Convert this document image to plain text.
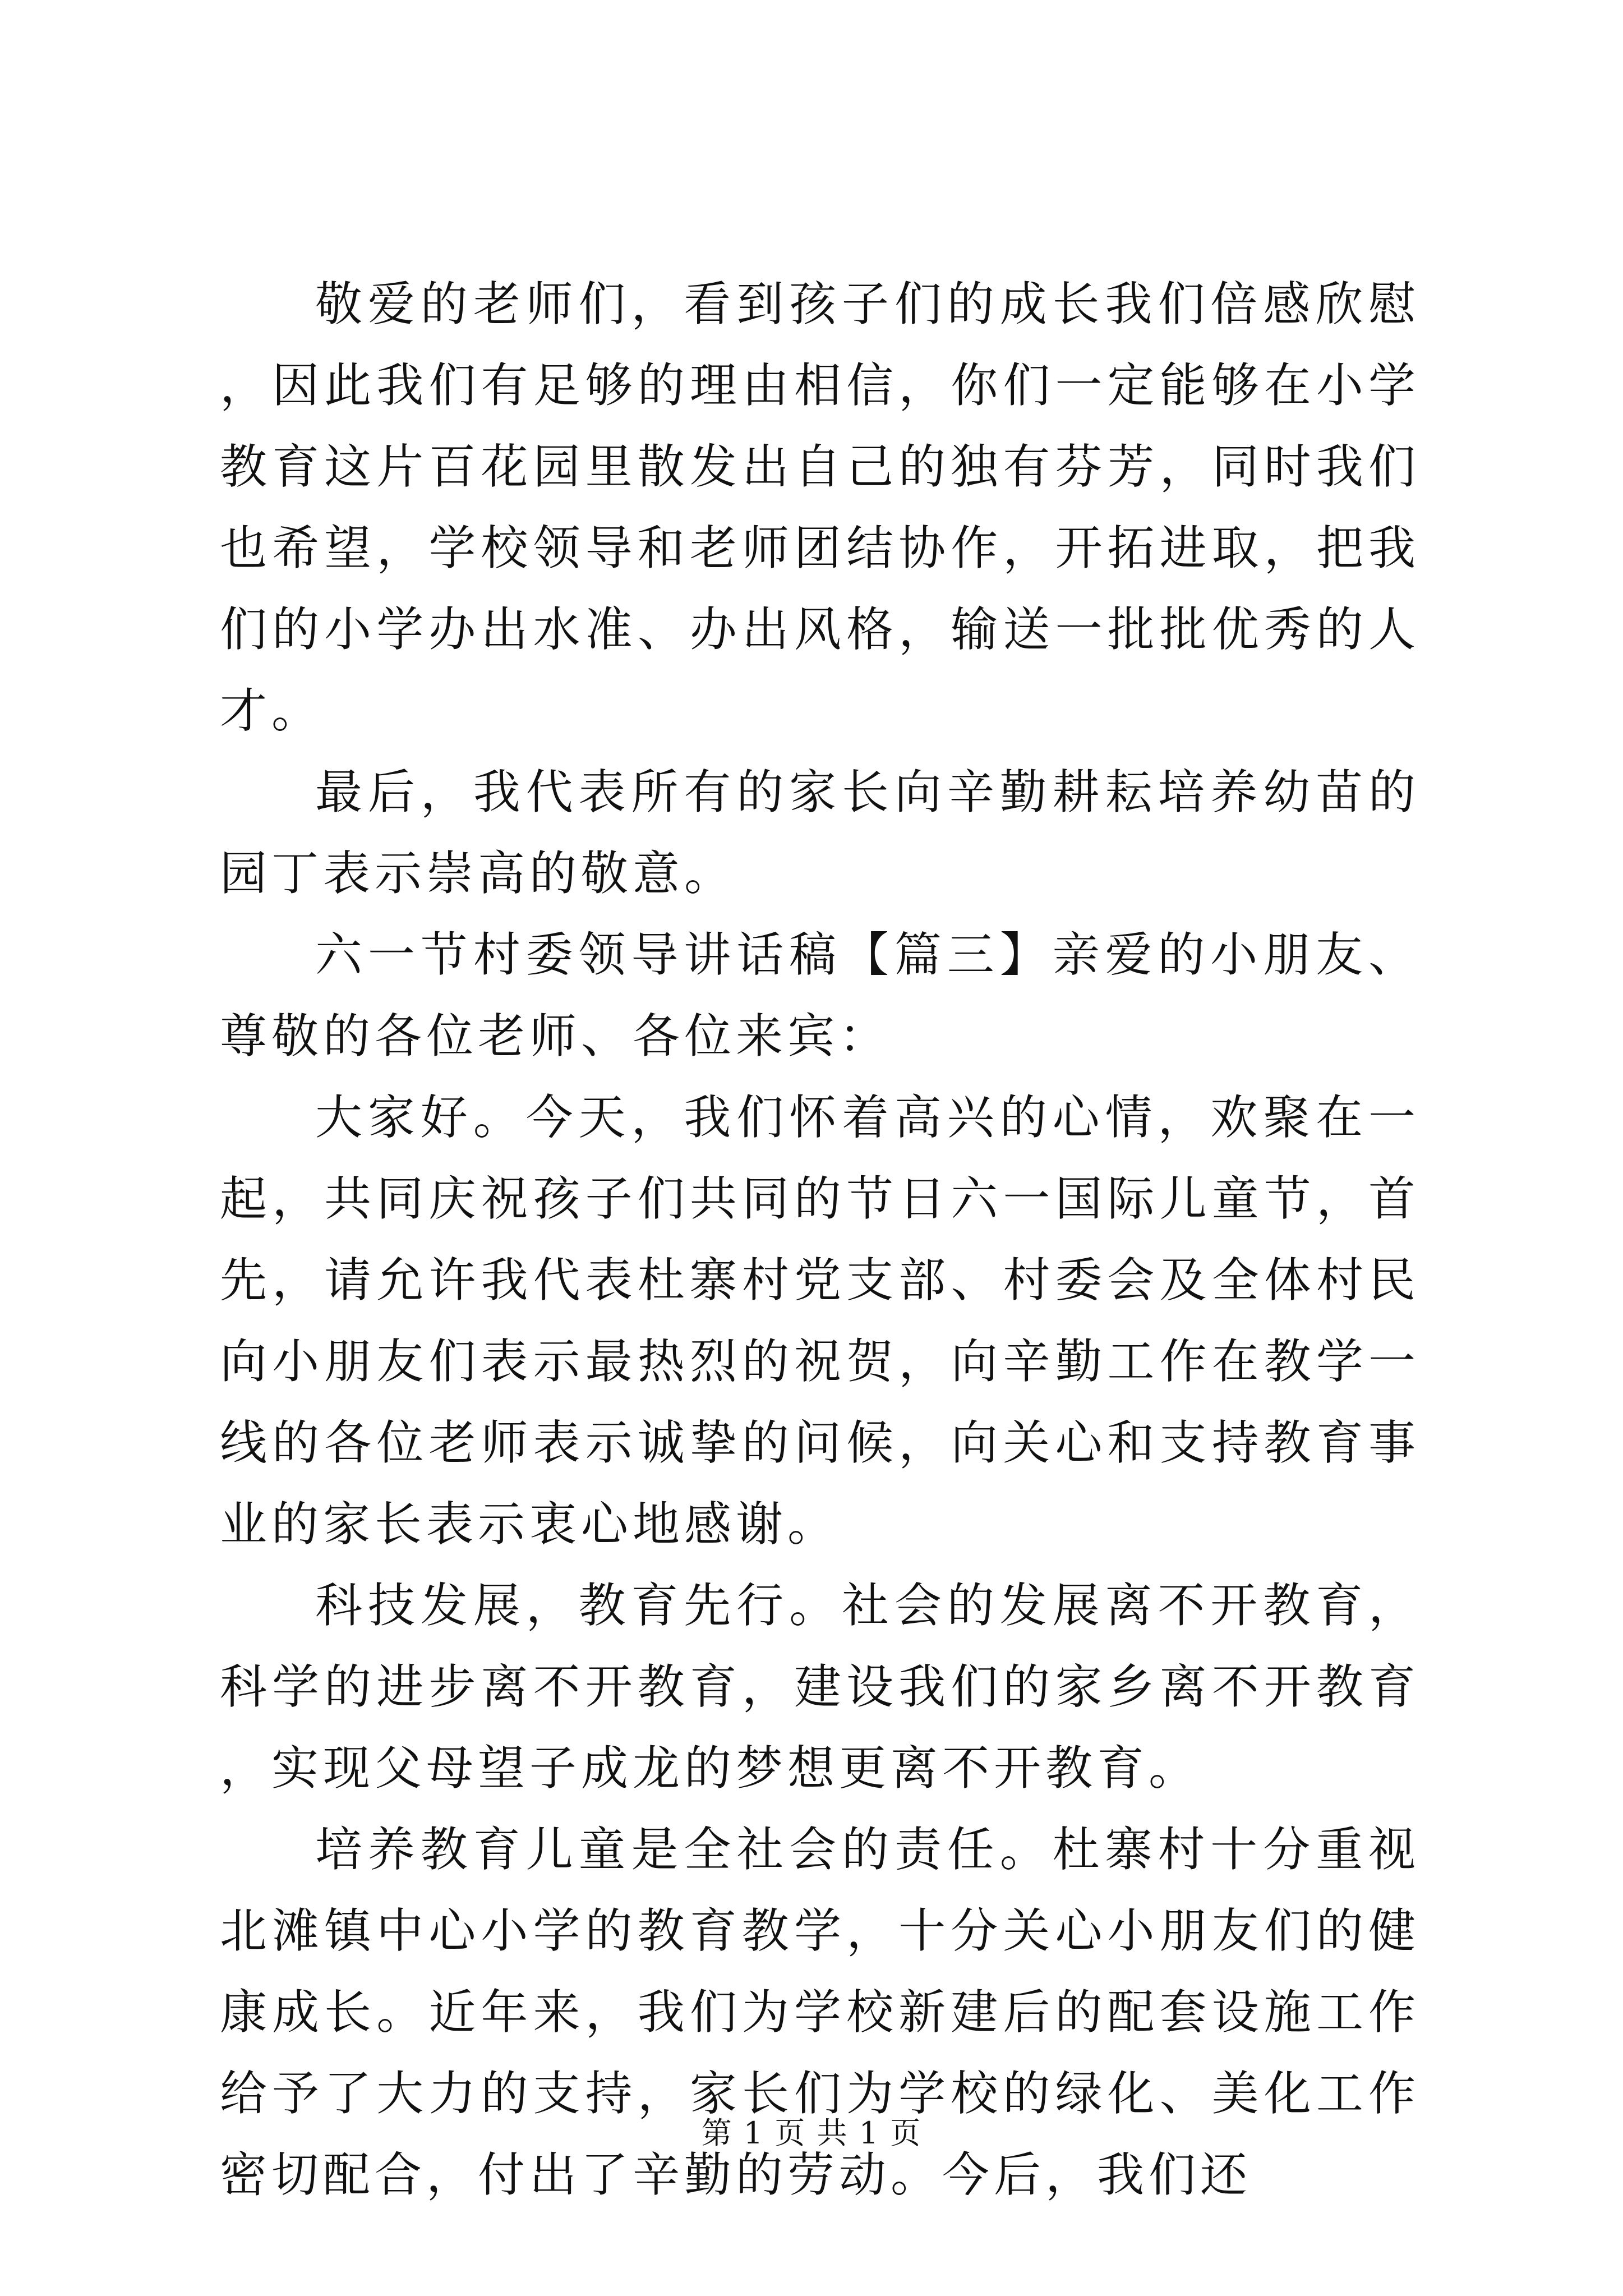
敬爱的老师们，看到孩子们的成长我们倍感欣慰，因此我们有足够的理由相信，你们一定能够在小学教育这片百花园里散发出自己的独有芬芳，同时我们也希望，学校领导和老师团结协作，开拓进取，把我们的小学办出水准、办出风格，输送一批批优秀的人才。

最后，我代表所有的家长向辛勤耕耘培养幼苗的园丁表示崇高的敬意。

六一节村委领导讲话稿【篇三】亲爱的小朋友、尊敬的各位老师、各位来宾：

大家好。今天，我们怀着高兴的心情，欢聚在一起，共同庆祝孩子们共同的节日六一国际儿童节，首先，请允许我代表杜寨村党支部、村委会及全体村民向小朋友们表示最热烈的祝贺，向辛勤工作在教学一线的各位老师表示诚挚的问候，向关心和支持教育事业的家长表示衷心地感谢。

科技发展，教育先行。社会的发展离不开教育，科学的进步离不开教育，建设我们的家乡离不开教育，实现父母望子成龙的梦想更离不开教育。

培养教育儿童是全社会的责任。杜寨村十分重视北滩镇中心小学的教育教学，十分关心小朋友们的健康成长。近年来，我们为学校新建后的配套设施工作给予了大力的支持，家长们为学校的绿化、美化工作密切配合，付出了辛勤的劳动。今后，我们还

第 1 页 共 1 页
